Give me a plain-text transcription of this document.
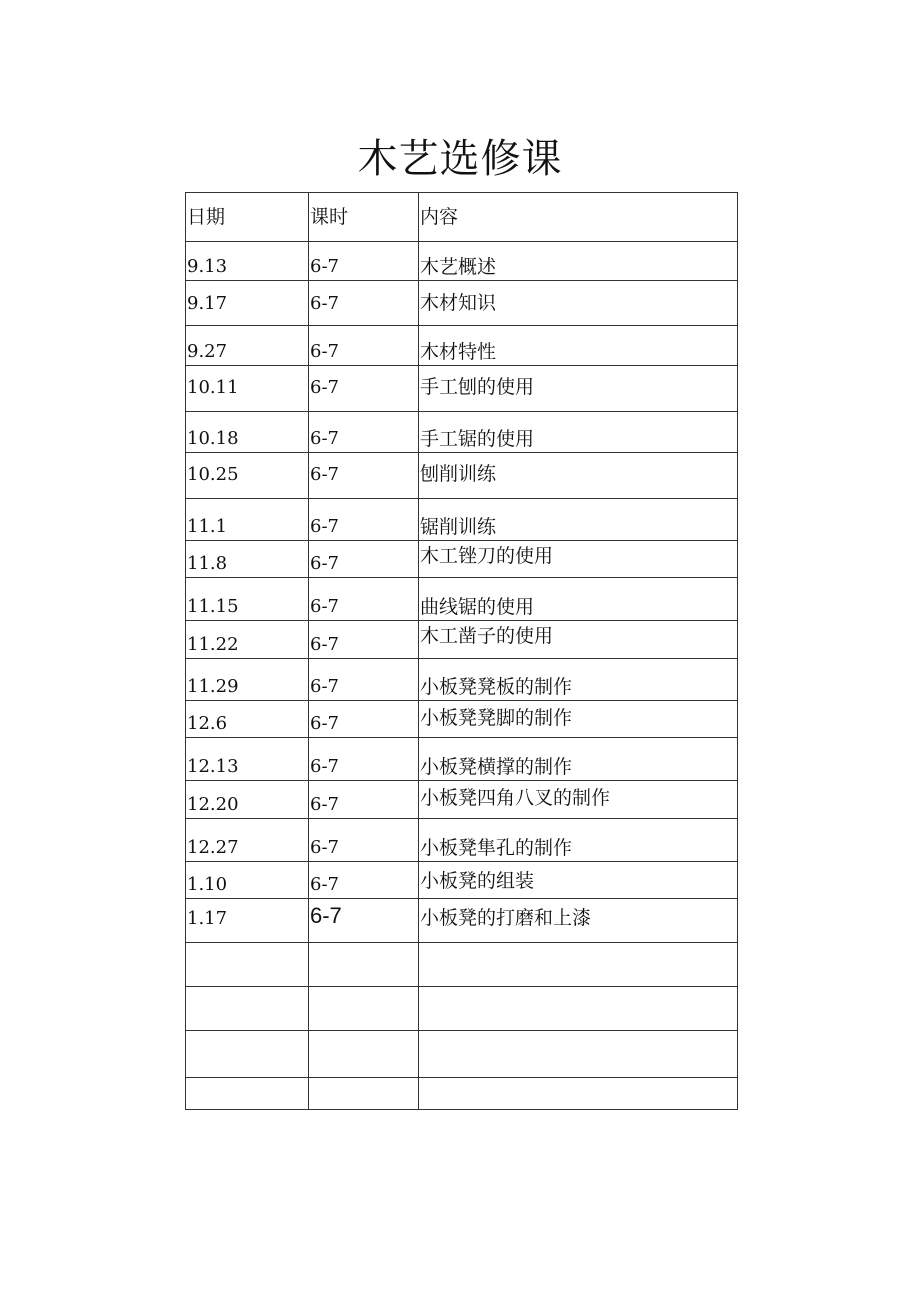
木艺选修课
日期	课时	内容
9.13	6-7	木艺概述
9.17	6-7	木材知识
9.27	6-7	木材特性
10.11	6-7	手工刨的使用
10.18	6-7	手工锯的使用
10.25	6-7	刨削训练
11.1	6-7	锯削训练
11.8	6-7	木工锉刀的使用
11.15	6-7	曲线锯的使用
11.22	6-7	木工凿子的使用
11.29	6-7	小板凳凳板的制作
12.6	6-7	小板凳凳脚的制作
12.13	6-7	小板凳横撑的制作
12.20	6-7	小板凳四角八叉的制作
12.27	6-7	小板凳隼孔的制作
1.10	6-7	小板凳的组装
1.17	6-7	小板凳的打磨和上漆
